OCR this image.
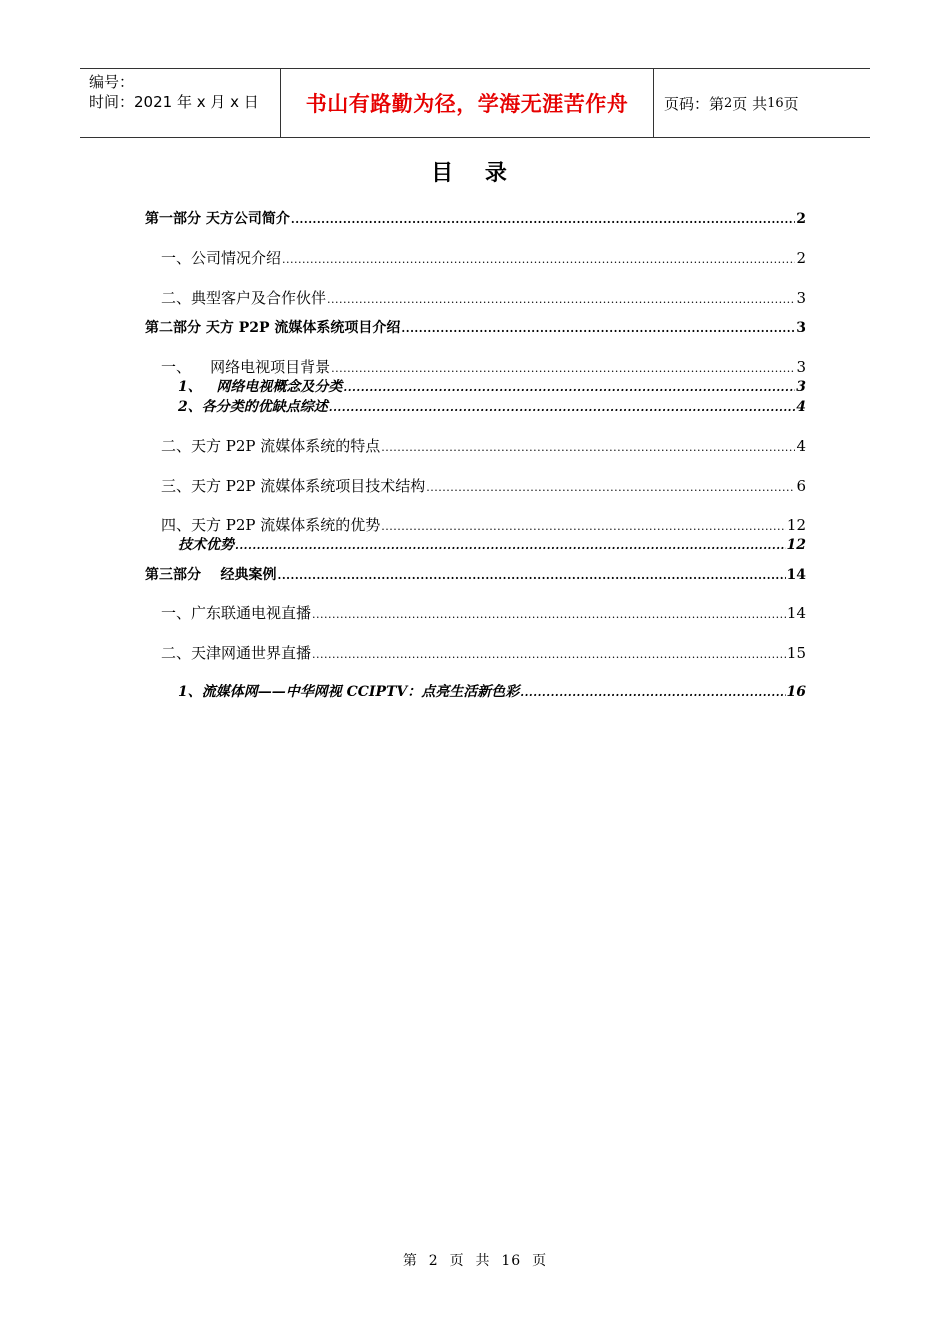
编号：
时间：2021 年 x 月 x 日	书山有路勤为径，学海无涯苦作舟	页码：第 2 页 共 16 页
目 录
第一部分 天方公司简介 .....	2
一、公司情况介绍 .....	2
二、典型客户及合作伙伴 .....	3
第二部分 天方 P2P 流媒体系统项目介绍 .....	3
一、    网络电视项目背景 .....	3
1、   网络电视概念及分类 .....	3
2、各分类的优缺点综述 .....	4
二、天方 P2P 流媒体系统的特点 .....	4
三、天方 P2P 流媒体系统项目技术结构 .....	6
四、天方 P2P 流媒体系统的优势 .....	12
技术优势 .....	12
第三部分    经典案例 .....	14
一、广东联通电视直播 .....	14
二、天津网通世界直播 .....	15
1、流媒体网——中华网视 CCIPTV：点亮生活新色彩 .....	16
第  2  页  共  16  页
